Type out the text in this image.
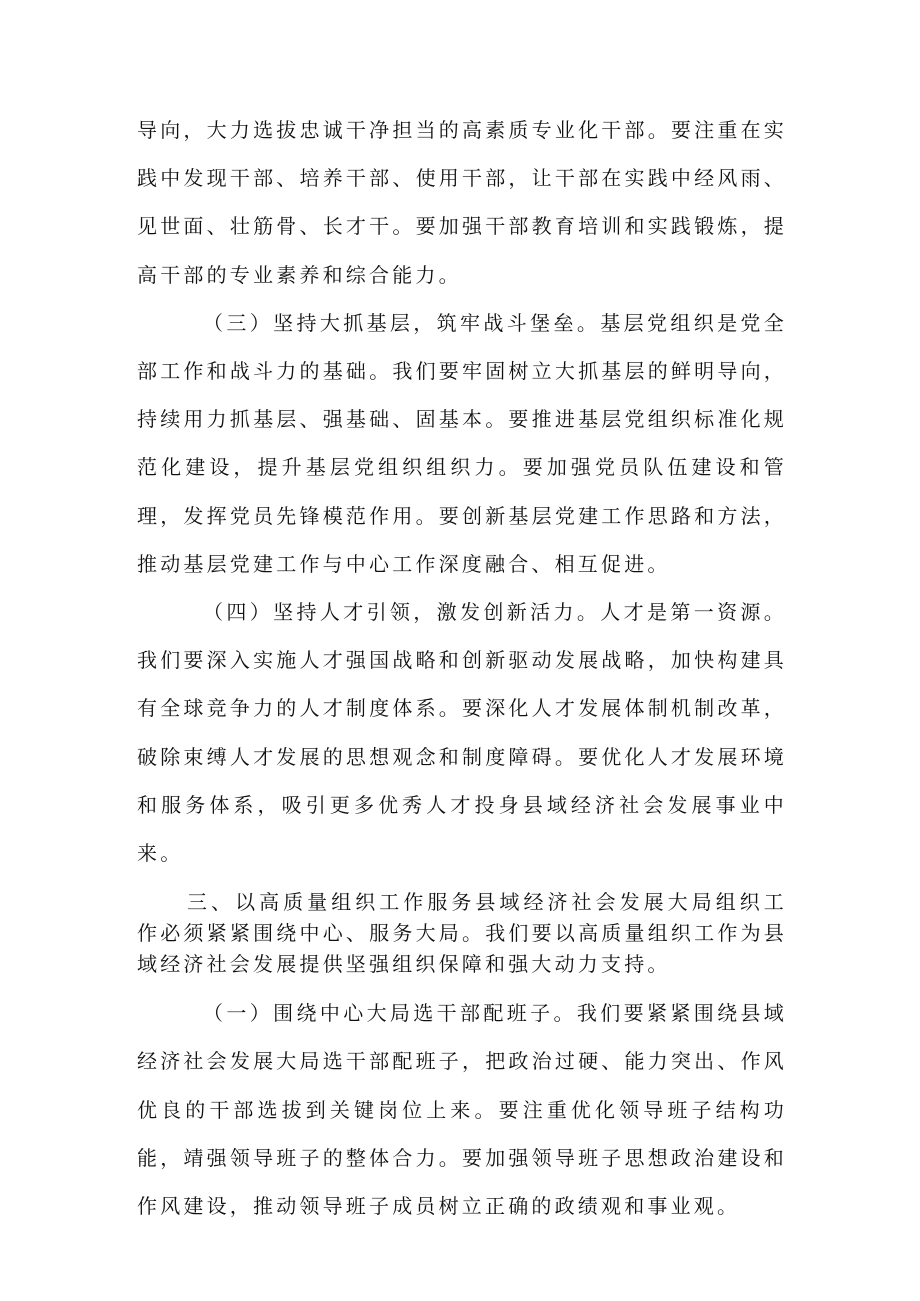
导向，大力选拔忠诚干净担当的高素质专业化干部。要注重在实践中发现干部、培养干部、使用干部，让干部在实践中经风雨、见世面、壮筋骨、长才干。要加强干部教育培训和实践锻炼，提高干部的专业素养和综合能力。

（三）坚持大抓基层，筑牢战斗堡垒。基层党组织是党全部工作和战斗力的基础。我们要牢固树立大抓基层的鲜明导向，持续用力抓基层、强基础、固基本。要推进基层党组织标准化规范化建设，提升基层党组织组织力。要加强党员队伍建设和管理，发挥党员先锋模范作用。要创新基层党建工作思路和方法，推动基层党建工作与中心工作深度融合、相互促进。

（四）坚持人才引领，激发创新活力。人才是第一资源。我们要深入实施人才强国战略和创新驱动发展战略，加快构建具有全球竞争力的人才制度体系。要深化人才发展体制机制改革，破除束缚人才发展的思想观念和制度障碍。要优化人才发展环境和服务体系，吸引更多优秀人才投身县域经济社会发展事业中来。

三、以高质量组织工作服务县域经济社会发展大局组织工作必须紧紧围绕中心、服务大局。我们要以高质量组织工作为县域经济社会发展提供坚强组织保障和强大动力支持。

（一）围绕中心大局选干部配班子。我们要紧紧围绕县域经济社会发展大局选干部配班子，把政治过硬、能力突出、作风优良的干部选拔到关键岗位上来。要注重优化领导班子结构功能，靖强领导班子的整体合力。要加强领导班子思想政治建设和作风建设，推动领导班子成员树立正确的政绩观和事业观。
